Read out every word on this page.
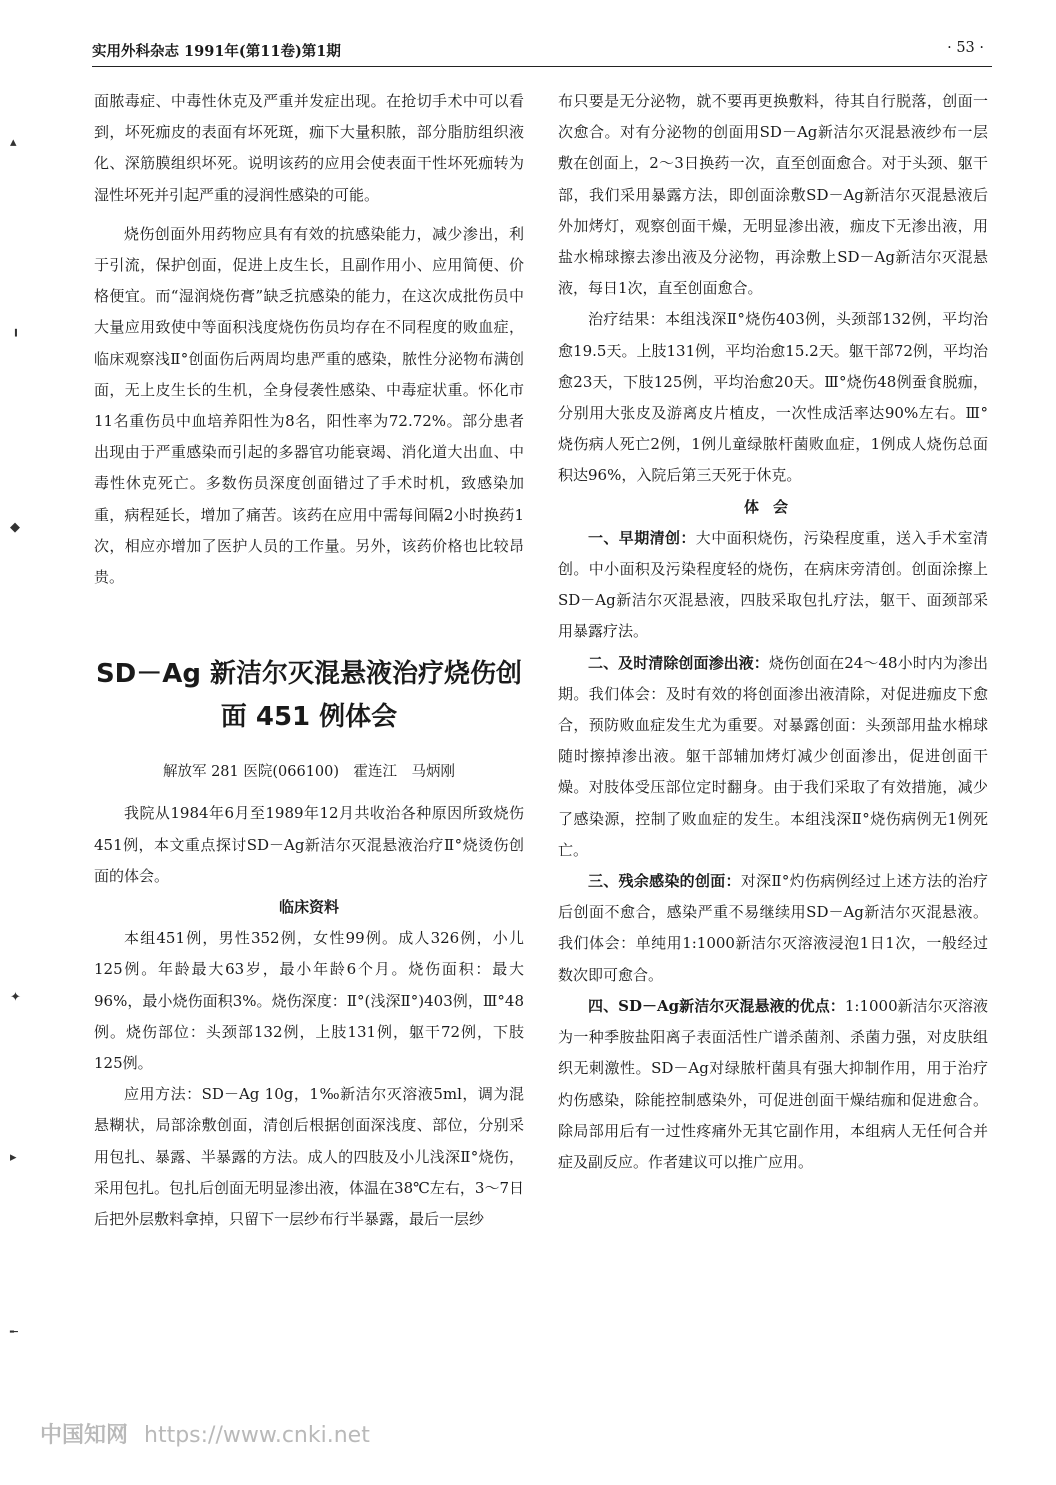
实用外科杂志 1991年(第11卷)第1期	· 53 ·
▴
╹
◆
✦
▸
╾

面脓毒症、中毒性休克及严重并发症出现。在抢切手术中可以看到，坏死痂皮的表面有坏死斑，痂下大量积脓，部分脂肪组织液化、深筋膜组织坏死。说明该药的应用会使表面干性坏死痂转为湿性坏死并引起严重的浸润性感染的可能。

烧伤创面外用药物应具有有效的抗感染能力，减少渗出，利于引流，保护创面，促进上皮生长，且副作用小、应用简便、价格便宜。而“湿润烧伤膏”缺乏抗感染的能力，在这次成批伤员中大量应用致使中等面积浅度烧伤伤员均存在不同程度的败血症，临床观察浅Ⅱ°创面伤后两周均患严重的感染，脓性分泌物布满创面，无上皮生长的生机，全身侵袭性感染、中毒症状重。怀化市11名重伤员中血培养阳性为8名，阳性率为72.72%。部分患者出现由于严重感染而引起的多器官功能衰竭、消化道大出血、中毒性休克死亡。多数伤员深度创面错过了手术时机，致感染加重，病程延长，增加了痛苦。该药在应用中需每间隔2小时换药1次，相应亦增加了医护人员的工作量。另外，该药价格也比较昂贵。

SD－Ag 新洁尔灭混悬液治疗烧伤创面 451 例体会
解放军 281 医院(066100)　霍连江　马炳刚

我院从1984年6月至1989年12月共收治各种原因所致烧伤451例，本文重点探讨SD－Ag新洁尔灭混悬液治疗Ⅱ°烧烫伤创面的体会。

临床资料

本组451例，男性352例，女性99例。成人326例，小儿125例。年龄最大63岁，最小年龄6个月。烧伤面积：最大96%，最小烧伤面积3%。烧伤深度：Ⅱ°(浅深Ⅱ°)403例，Ⅲ°48例。烧伤部位：头颈部132例，上肢131例，躯干72例，下肢125例。

应用方法：SD－Ag 10g，1‰新洁尔灭溶液5ml，调为混悬糊状，局部涂敷创面，清创后根据创面深浅度、部位，分别采用包扎、暴露、半暴露的方法。成人的四肢及小儿浅深Ⅱ°烧伤，采用包扎。包扎后创面无明显渗出液，体温在38℃左右，3～7日后把外层敷料拿掉，只留下一层纱布行半暴露，最后一层纱

布只要是无分泌物，就不要再更换敷料，待其自行脱落，创面一次愈合。对有分泌物的创面用SD－Ag新洁尔灭混悬液纱布一层敷在创面上，2～3日换药一次，直至创面愈合。对于头颈、躯干部，我们采用暴露方法，即创面涂敷SD－Ag新洁尔灭混悬液后外加烤灯，观察创面干燥，无明显渗出液，痂皮下无渗出液，用盐水棉球擦去渗出液及分泌物，再涂敷上SD－Ag新洁尔灭混悬液，每日1次，直至创面愈合。

治疗结果：本组浅深Ⅱ°烧伤403例，头颈部132例，平均治愈19.5天。上肢131例，平均治愈15.2天。躯干部72例，平均治愈23天，下肢125例，平均治愈20天。Ⅲ°烧伤48例蚕食脱痂，分别用大张皮及游离皮片植皮，一次性成活率达90%左右。Ⅲ°烧伤病人死亡2例，1例儿童绿脓杆菌败血症，1例成人烧伤总面积达96%，入院后第三天死于休克。

体会

一、早期清创：大中面积烧伤，污染程度重，送入手术室清创。中小面积及污染程度轻的烧伤，在病床旁清创。创面涂擦上SD－Ag新洁尔灭混悬液，四肢采取包扎疗法，躯干、面颈部采用暴露疗法。

二、及时清除创面渗出液：烧伤创面在24～48小时内为渗出期。我们体会：及时有效的将创面渗出液清除，对促进痂皮下愈合，预防败血症发生尤为重要。对暴露创面：头颈部用盐水棉球随时擦掉渗出液。躯干部辅加烤灯减少创面渗出，促进创面干燥。对肢体受压部位定时翻身。由于我们采取了有效措施，减少了感染源，控制了败血症的发生。本组浅深Ⅱ°烧伤病例无1例死亡。

三、残余感染的创面：对深Ⅱ°灼伤病例经过上述方法的治疗后创面不愈合，感染严重不易继续用SD－Ag新洁尔灭混悬液。我们体会：单纯用1:1000新洁尔灭溶液浸泡1日1次，一般经过数次即可愈合。

四、SD－Ag新洁尔灭混悬液的优点：1:1000新洁尔灭溶液为一种季胺盐阳离子表面活性广谱杀菌剂、杀菌力强，对皮肤组织无刺激性。SD－Ag对绿脓杆菌具有强大抑制作用，用于治疗灼伤感染，除能控制感染外，可促进创面干燥结痂和促进愈合。除局部用后有一过性疼痛外无其它副作用，本组病人无任何合并症及副反应。作者建议可以推广应用。

中国知网 https://www.cnki.net
